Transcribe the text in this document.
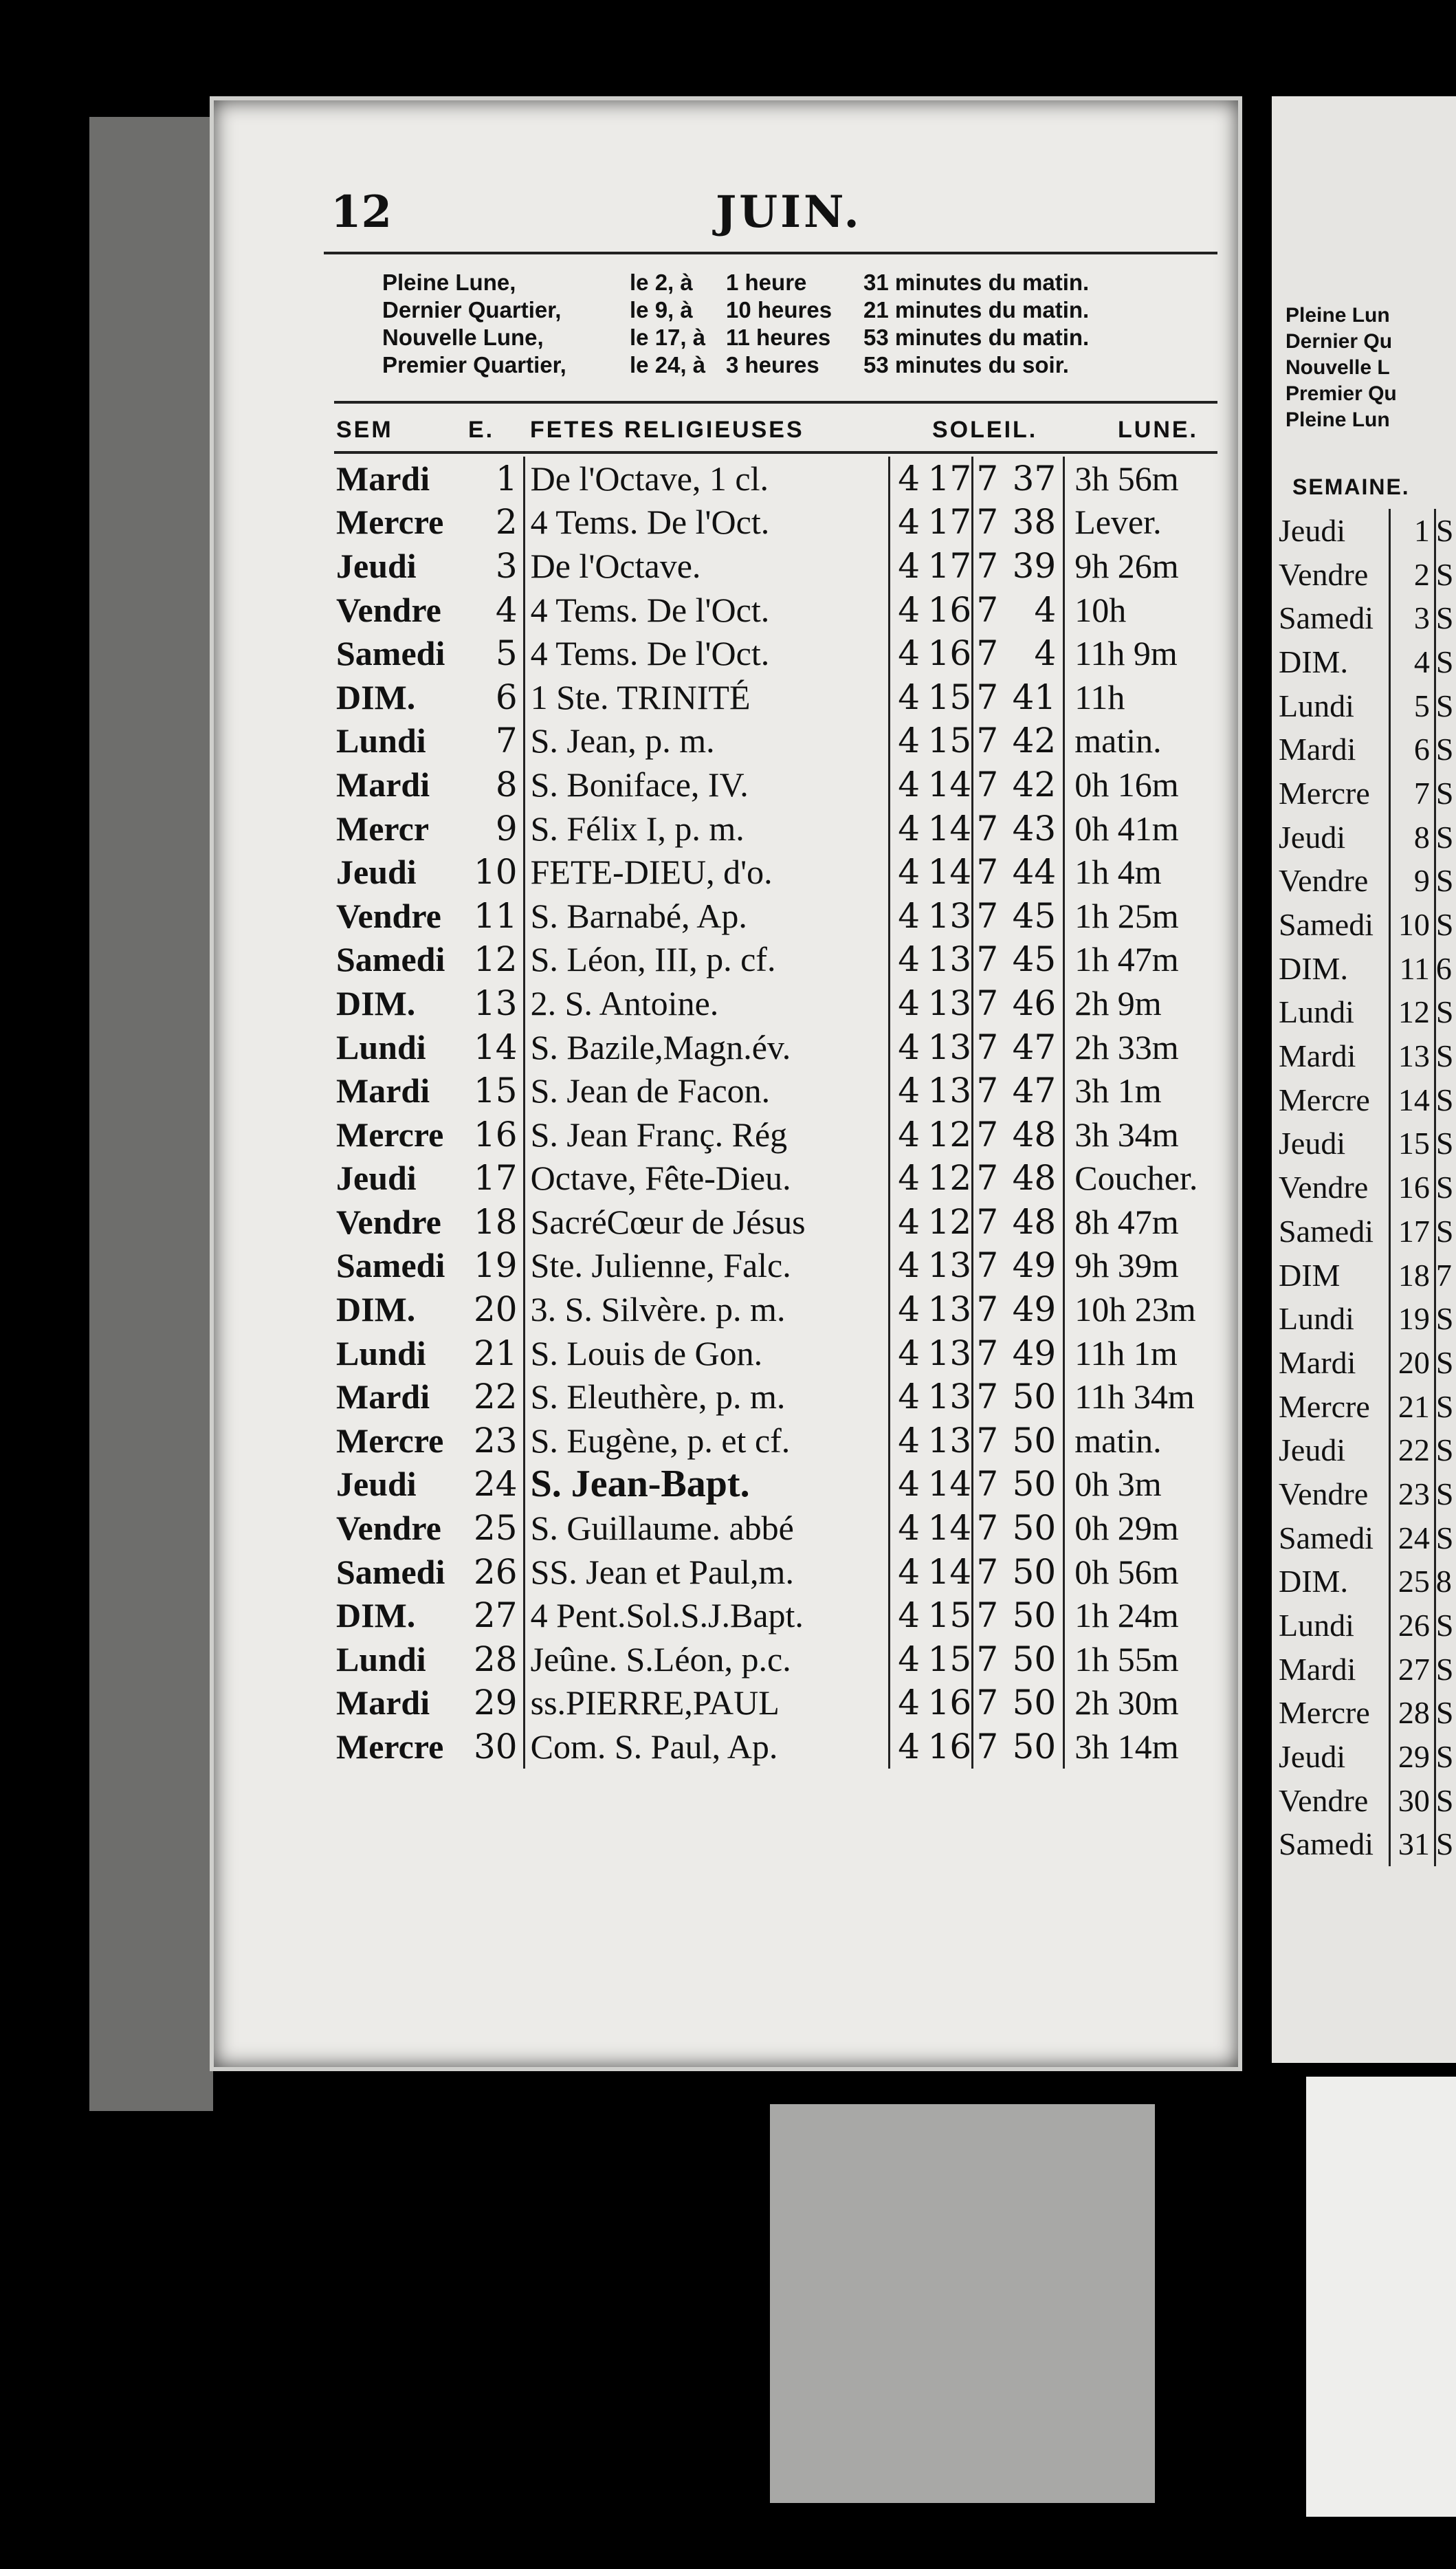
12	JUIN.
Pleine Lune,	le 2, à	1 heure	31 minutes du matin.
Dernier Quartier,	le 9, à	10 heures	21 minutes du matin.
Nouvelle Lune,	le 17, à 11 heures	53 minutes du matin.
Premier Quartier,	le 24, à 3 heures	53 minutes du soir.
SEM	E. FETES RELIGIEUSES	SOLEIL.	LUNE.
Mardi	1	De l'Octave, 1 cl.	4	17	7	37	3h 56m
Mercre	2	4 Tems. De l'Oct.	4	17	7	38	Lever.
Jeudi	3	De l'Octave.	4	17	7	39	9h 26m
Vendre	4	4 Tems. De l'Oct.	4	16	7	4	10h
Samedi	5	4 Tems. De l'Oct.	4	16	7	4	11h 9m
DIM.	6	1 Ste. TRINITÉ	4	15	7	41	11h
Lundi	7	S. Jean, p. m.	4	15	7	42	matin.
Mardi	8	S. Boniface, IV.	4	14	7	42	0h 16m
Mercr	9	S. Félix I, p. m.	4	14	7	43	0h 41m
Jeudi	10	FETE-DIEU, d'o.	4	14	7	44	1h 4m
Vendre	11	S. Barnabé, Ap.	4	13	7	45	1h 25m
Samedi	12	S. Léon, III, p. cf.	4	13	7	45	1h 47m
DIM.	13	2. S. Antoine.	4	13	7	46	2h 9m
Lundi	14	S. Bazile,Magn.év.	4	13	7	47	2h 33m
Mardi	15	S. Jean de Facon.	4	13	7	47	3h 1m
Mercre	16	S. Jean Franç. Rég	4	12	7	48	3h 34m
Jeudi	17	Octave, Fête-Dieu.	4	12	7	48	Coucher.
Vendre	18	SacréCœur de Jésus	4	12	7	48	8h 47m
Samedi	19	Ste. Julienne, Falc.	4	13	7	49	9h 39m
DIM.	20	3. S. Silvère. p. m.	4	13	7	49	10h 23m
Lundi	21	S. Louis de Gon.	4	13	7	49	11h 1m
Mardi	22	S. Eleuthère, p. m.	4	13	7	50	11h 34m
Mercre	23	S. Eugène, p. et cf.	4	13	7	50	matin.
Jeudi	24	S. Jean-Bapt.	4	14	7	50	0h 3m
Vendre	25	S. Guillaume. abbé	4	14	7	50	0h 29m
Samedi	26	SS. Jean et Paul,m.	4	14	7	50	0h 56m
DIM.	27	4 Pent.Sol.S.J.Bapt.	4	15	7	50	1h 24m
Lundi	28	Jeûne. S.Léon, p.c.	4	15	7	50	1h 55m
Mardi	29	ss.PIERRE,PAUL	4	16	7	50	2h 30m
Mercre	30	Com. S. Paul, Ap.	4	16	7	50	3h 14m
Pleine Lun
Dernier Qu
Nouvelle L
Premier Qu
Pleine Lun
SEMAINE.
Jeudi	1	S
Vendre	2	S
Samedi	3	S
DIM.	4	S
Lundi	5	S
Mardi	6	S
Mercre	7	S
Jeudi	8	S
Vendre	9	S
Samedi	10	S
DIM.	11	6
Lundi	12	S
Mardi	13	S
Mercre	14	S
Jeudi	15	S
Vendre	16	S
Samedi	17	S
DIM	18	7
Lundi	19	S
Mardi	20	S
Mercre	21	S
Jeudi	22	S
Vendre	23	S
Samedi	24	S
DIM.	25	8
Lundi	26	S
Mardi	27	S
Mercre	28	S
Jeudi	29	S
Vendre	30	S
Samedi	31	S
